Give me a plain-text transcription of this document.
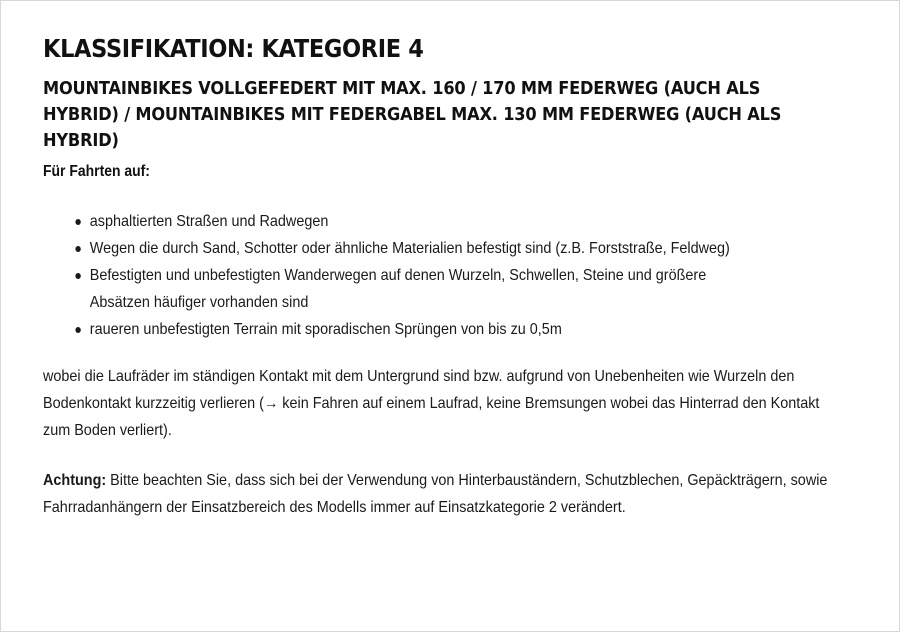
KLASSIFIKATION: KATEGORIE 4
MOUNTAINBIKES VOLLGEFEDERT MIT MAX. 160 / 170 MM FEDERWEG (AUCH ALS HYBRID) / MOUNTAINBIKES MIT FEDERGABEL MAX. 130 MM FEDERWEG (AUCH ALS HYBRID)

Für Fahrten auf:

asphaltierten Straßen und Radwegen
Wegen die durch Sand, Schotter oder ähnliche Materialien befestigt sind (z.B. Forststraße, Feldweg)
Befestigten und unbefestigten Wanderwegen auf denen Wurzeln, Schwellen, Steine und größere Absätzen häufiger vorhanden sind
raueren unbefestigten Terrain mit sporadischen Sprüngen von bis zu 0,5m

wobei die Laufräder im ständigen Kontakt mit dem Untergrund sind bzw. aufgrund von Unebenheiten wie Wurzeln den Bodenkontakt kurzzeitig verlieren (→ kein Fahren auf einem Laufrad, keine Bremsungen wobei das Hinterrad den Kontakt zum Boden verliert).

Achtung: Bitte beachten Sie, dass sich bei der Verwendung von Hinterbauständern, Schutzblechen, Gepäckträgern, sowie Fahrradanhängern der Einsatzbereich des Modells immer auf Einsatzkategorie 2 verändert.
